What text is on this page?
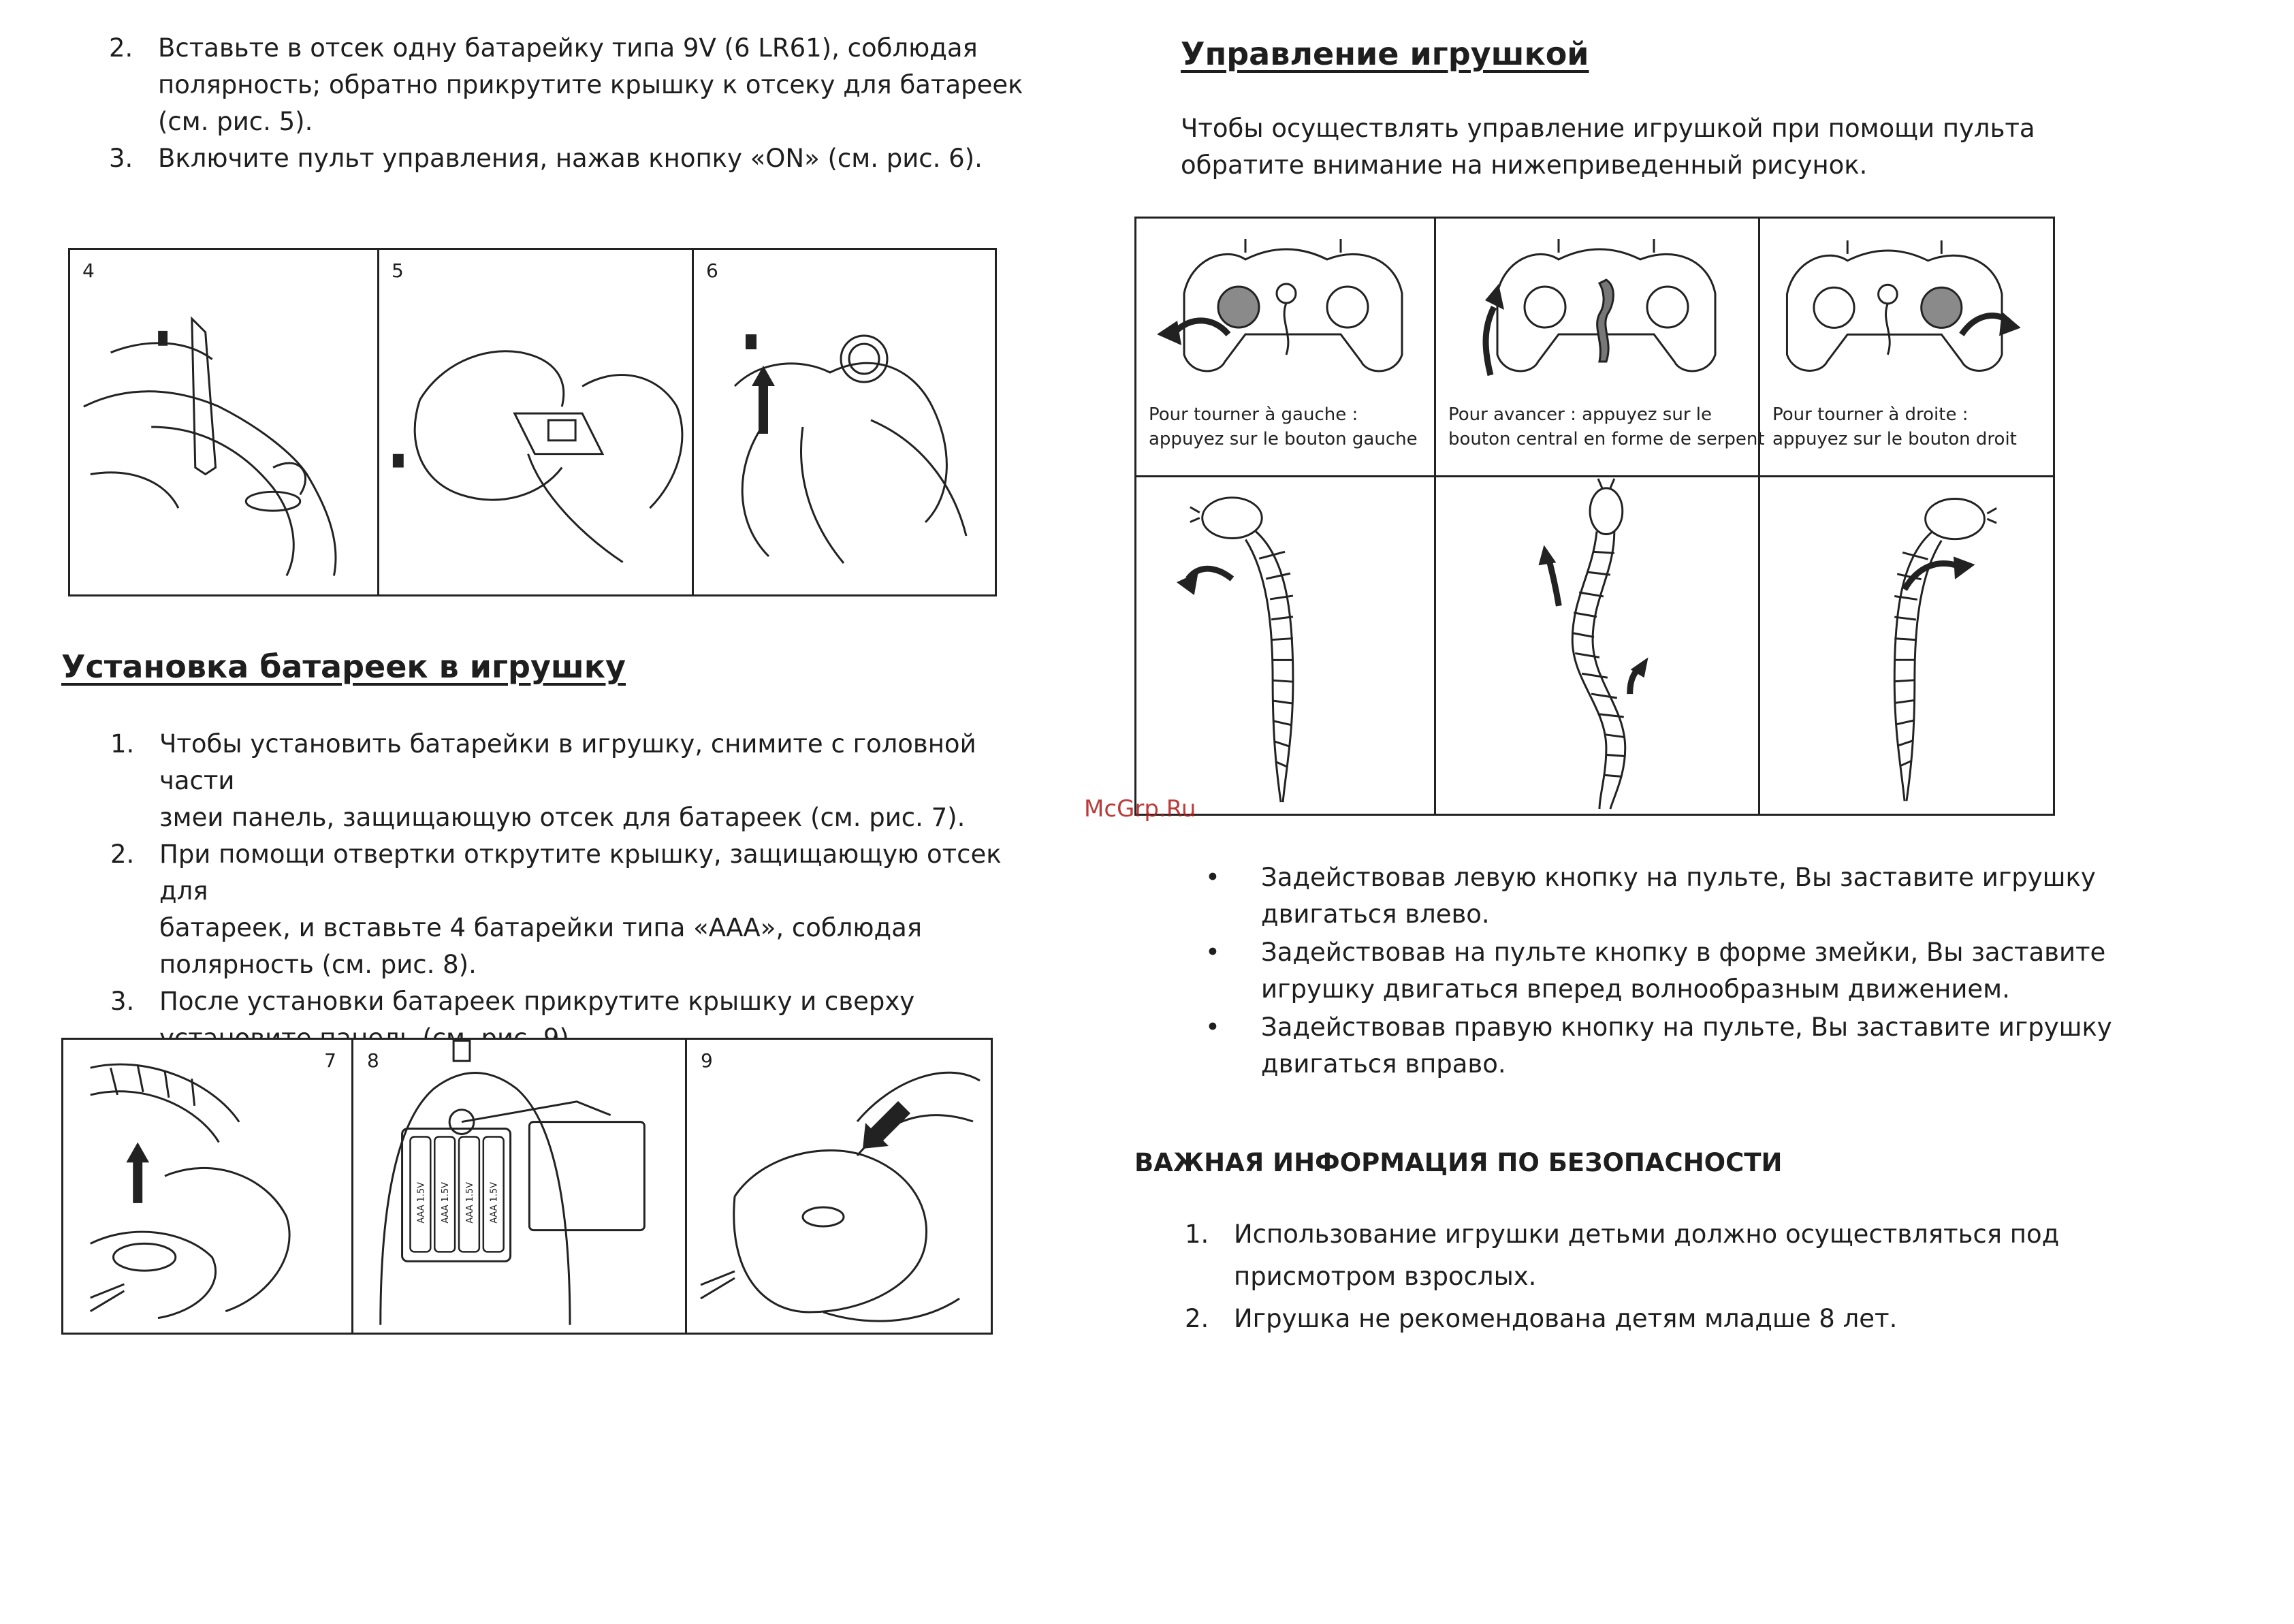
2. Вставьте в отсек одну батарейку типа 9V (6 LR61), соблюдая
полярность; обратно прикрутите крышку к отсеку для батареек
(см. рис. 5).
3. Включите пульт управления, нажав кнопку «ON» (см. рис. 6).
4	5	6
Установка батареек в игрушку
1. Чтобы установить батарейки в игрушку, снимите с головной части
змеи панель, защищающую отсек для батареек (см. рис. 7).
2. При помощи отвертки открутите крышку, защищающую отсек для
батареек, и вставьте 4 батарейки типа «ААА», соблюдая
полярность (см. рис. 8).
3. После установки батареек прикрутите крышку и сверху
7
AAA 1.5V AAA 1.5V AAA 1.5V AAA 1.5V
8	9
Управление игрушкой
Чтобы осуществлять управление игрушкой при помощи пульта
обратите внимание на нижеприведенный рисунок.
Pour tourner à gauche :
appuyez sur le bouton gauche
Pour avancer : appuyez sur le
bouton central en forme de serpent
Pour tourner à droite :
appuyez sur le bouton droit
• Задействовав левую кнопку на пульте, Вы заставите игрушку
двигаться влево.
• Задействовав на пульте кнопку в форме змейки, Вы заставите
игрушку двигаться вперед волнообразным движением.
• Задействовав правую кнопку на пульте, Вы заставите игрушку
двигаться вправо.
ВАЖНАЯ ИНФОРМАЦИЯ ПО БЕЗОПАСНОСТИ
1. Использование игрушки детьми должно осуществляться под
присмотром взрослых.
2. Игрушка не рекомендована детям младше 8 лет.
McGrp.Ru
